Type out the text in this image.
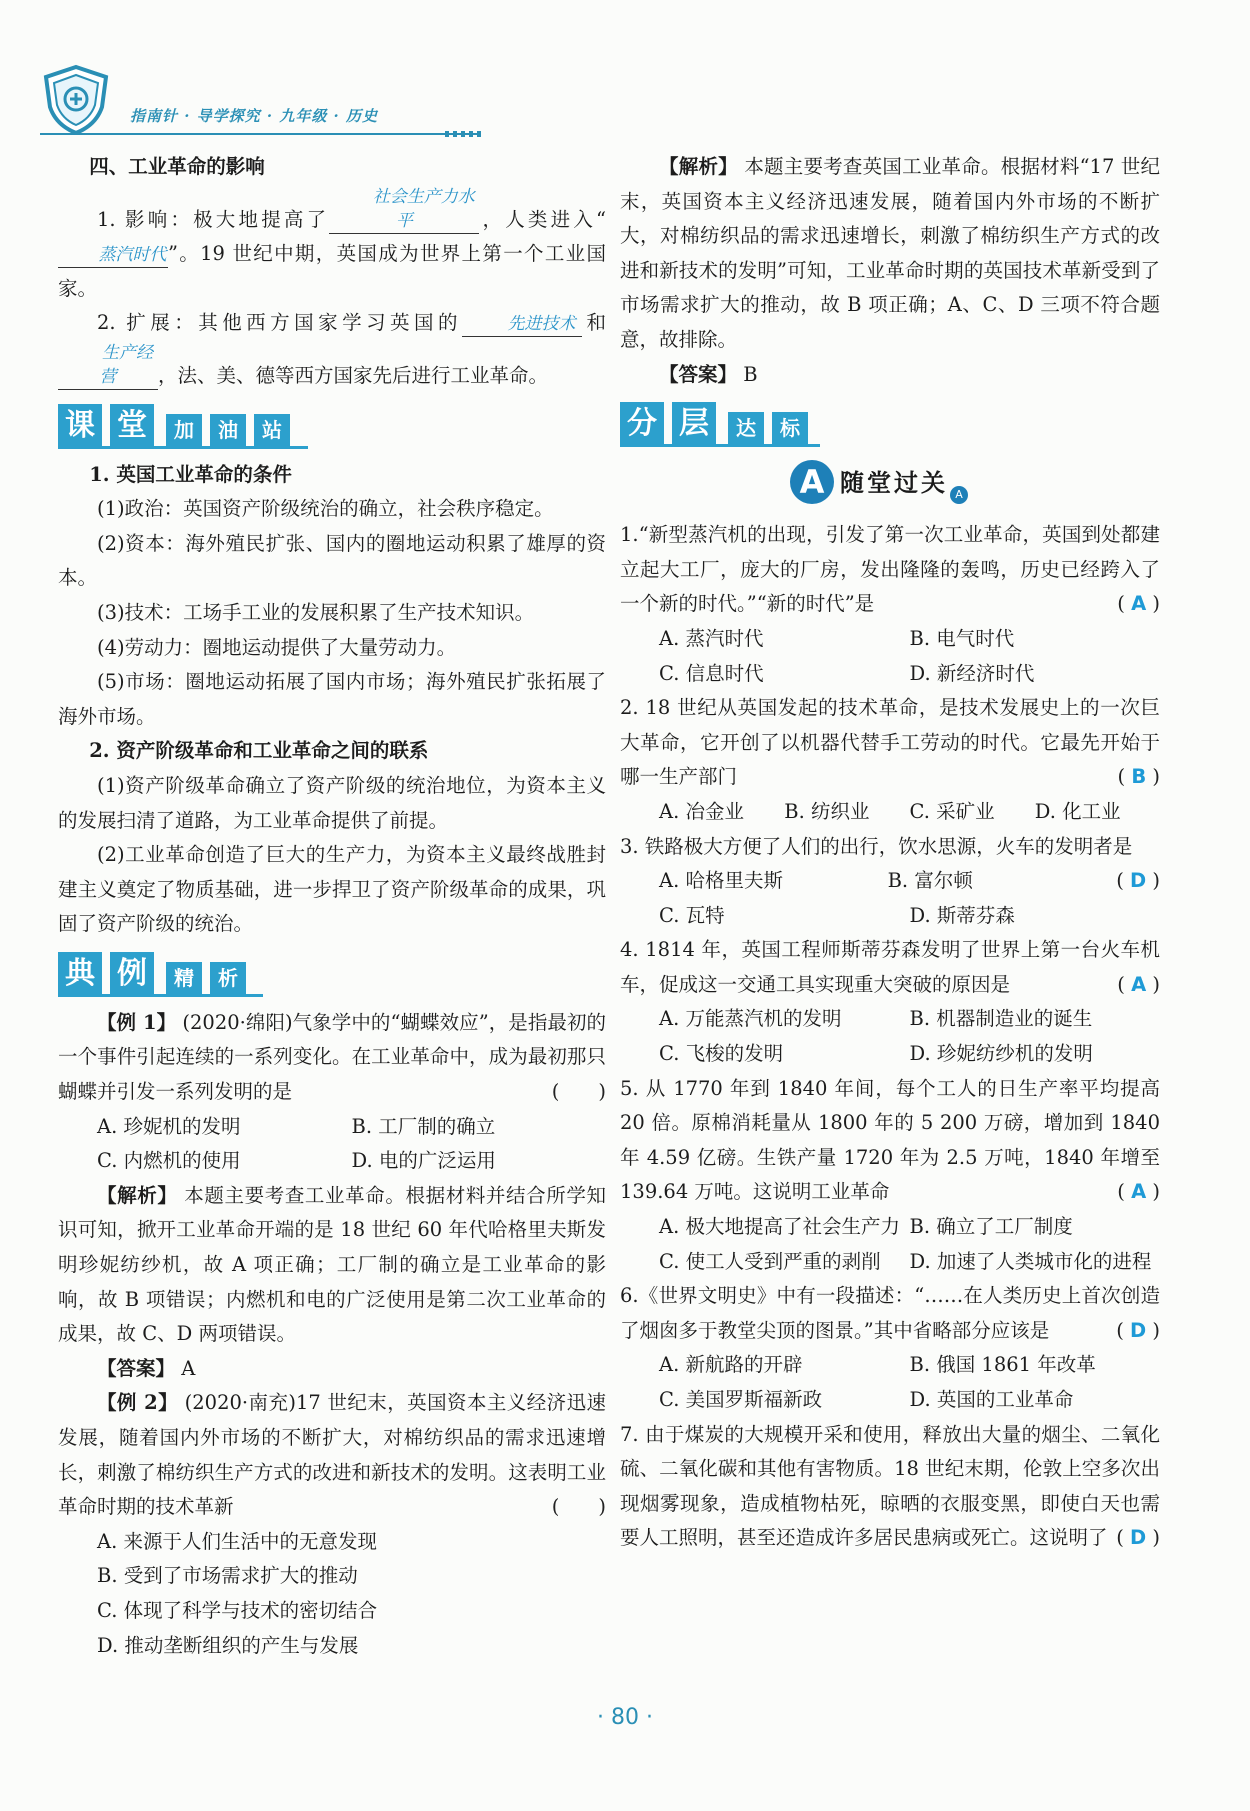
指南针 · 导学探究 · 九年级 · 历史

四、工业革命的影响

1. 影响：极大地提高了社会生产力水平	，人类进入“蒸汽时代”。19 世纪中期，英国成为世界上第一个工业国家。

2. 扩展：其他西方国家学习英国的	先进技术 和生产经营 ，法、美、德等西方国家先后进行工业革命。

课 堂	加	油	站

1. 英国工业革命的条件

(1)政治：英国资产阶级统治的确立，社会秩序稳定。

(2)资本：海外殖民扩张、国内的圈地运动积累了雄厚的资本。

(3)技术：工场手工业的发展积累了生产技术知识。

(4)劳动力：圈地运动提供了大量劳动力。

(5)市场：圈地运动拓展了国内市场；海外殖民扩张拓展了海外市场。

2. 资产阶级革命和工业革命之间的联系

(1)资产阶级革命确立了资产阶级的统治地位，为资本主义的发展扫清了道路，为工业革命提供了前提。

(2)工业革命创造了巨大的生产力，为资本主义最终战胜封建主义奠定了物质基础，进一步捍卫了资产阶级革命的成果，巩固了资产阶级的统治。

典 例	精	析

【例 1】 (2020·绵阳)气象学中的“蝴蝶效应”，是指最初的一个事件引起连续的一系列变化。在工业革命中，成为最初那只蝴蝶并引发一系列发明的是	(　　)

A. 珍妮机的发明	B. 工厂制的确立
C. 内燃机的使用	D. 电的广泛运用

【解析】 本题主要考查工业革命。根据材料并结合所学知识可知，掀开工业革命开端的是 18 世纪 60 年代哈格里夫斯发明珍妮纺纱机，故 A 项正确；工厂制的确立是工业革命的影响，故 B 项错误；内燃机和电的广泛使用是第二次工业革命的成果，故 C、D 两项错误。

【答案】 A

【例 2】 (2020·南充)17 世纪末，英国资本主义经济迅速发展，随着国内外市场的不断扩大，对棉纺织品的需求迅速增长，刺激了棉纺织生产方式的改进和新技术的发明。这表明工业革命时期的技术革新	(　　)

A. 来源于人们生活中的无意发现

B. 受到了市场需求扩大的推动

C. 体现了科学与技术的密切结合

D. 推动垄断组织的产生与发展

【解析】 本题主要考查英国工业革命。根据材料“17 世纪末，英国资本主义经济迅速发展，随着国内外市场的不断扩大，对棉纺织品的需求迅速增长，刺激了棉纺织生产方式的改进和新技术的发明”可知，工业革命时期的英国技术革新受到了市场需求扩大的推动，故 B 项正确；A、C、D 三项不符合题意，故排除。

【答案】 B

分 层	达	标
A 随堂过关 A

1.“新型蒸汽机的出现，引发了第一次工业革命，英国到处都建立起大工厂，庞大的厂房，发出隆隆的轰鸣，历史已经跨入了一个新的时代。”“新的时代”是	( A )

A. 蒸汽时代	B. 电气时代
C. 信息时代	D. 新经济时代

2. 18 世纪从英国发起的技术革命，是技术发展史上的一次巨大革命，它开创了以机器代替手工劳动的时代。它最先开始于哪一生产部门	( B )

A. 冶金业	B. 纺织业	C. 采矿业	D. 化工业

3. 铁路极大方便了人们的出行，饮水思源，火车的发明者是
( D )

A. 哈格里夫斯	B. 富尔顿
C. 瓦特	D. 斯蒂芬森

4. 1814 年，英国工程师斯蒂芬森发明了世界上第一台火车机车，促成这一交通工具实现重大突破的原因是	( A )

A. 万能蒸汽机的发明	B. 机器制造业的诞生
C. 飞梭的发明	D. 珍妮纺纱机的发明

5. 从 1770 年到 1840 年间，每个工人的日生产率平均提高 20 倍。原棉消耗量从 1800 年的 5 200 万磅，增加到 1840 年 4.59 亿磅。生铁产量 1720 年为 2.5 万吨，1840 年增至 139.64 万吨。这说明工业革命	( A )

A. 极大地提高了社会生产力 B. 确立了工厂制度
C. 使工人受到严重的剥削	D. 加速了人类城市化的进程

6.《世界文明史》中有一段描述：“……在人类历史上首次创造了烟囱多于教堂尖顶的图景。”其中省略部分应该是	( D )

A. 新航路的开辟	B. 俄国 1861 年改革
C. 美国罗斯福新政	D. 英国的工业革命

7. 由于煤炭的大规模开采和使用，释放出大量的烟尘、二氧化硫、二氧化碳和其他有害物质。18 世纪末期，伦敦上空多次出现烟雾现象，造成植物枯死，晾晒的衣服变黑，即使白天也需要人工照明，甚至还造成许多居民患病或死亡。这说明了 ( D )

· 80 ·
